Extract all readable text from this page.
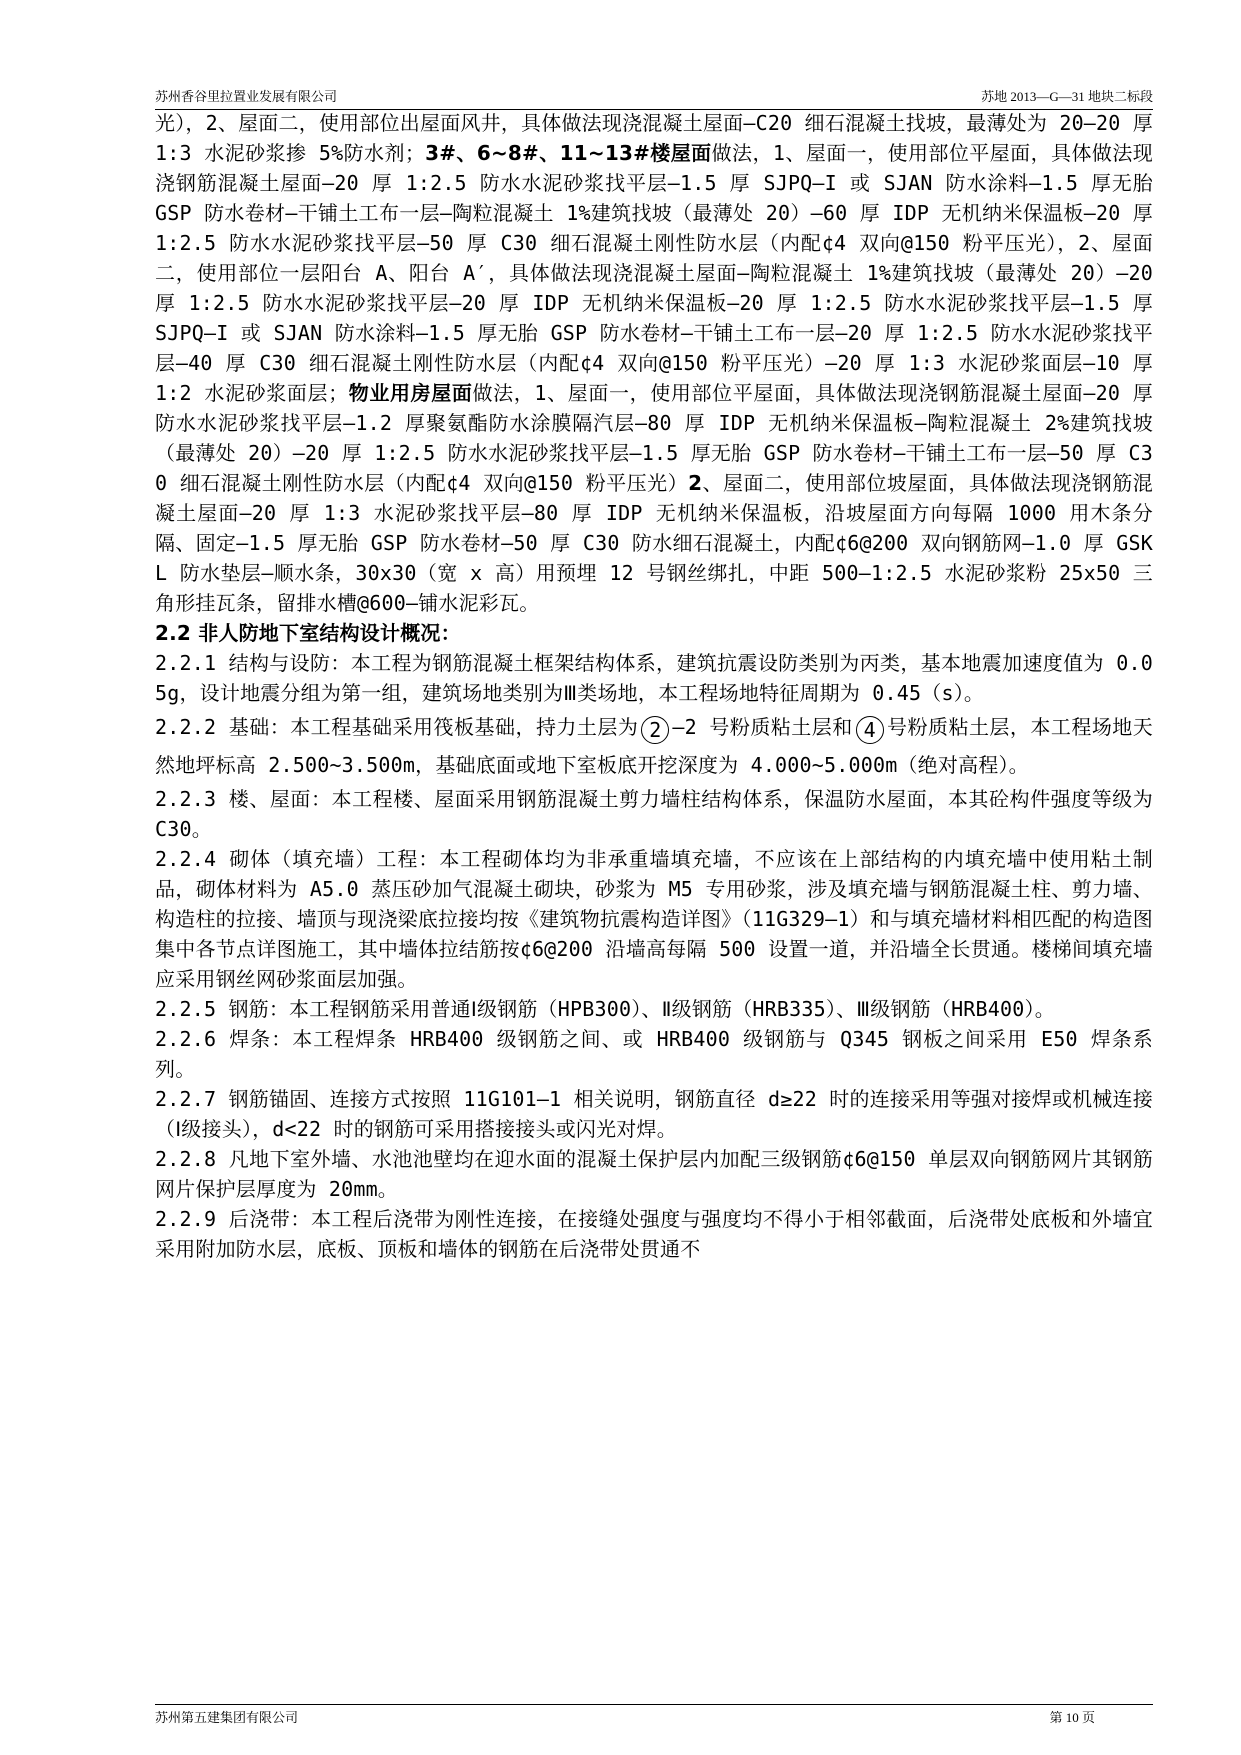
苏州香谷里拉置业发展有限公司	苏地 2013—G—31 地块二标段

光），2、屋面二，使用部位出屋面风井，具体做法现浇混凝土屋面—C20 细石混凝土找坡，最薄处为 20—20 厚 1:3 水泥砂浆掺 5%防水剂；3#、6~8#、11~13#楼屋面做法，1、屋面一，使用部位平屋面，具体做法现浇钢筋混凝土屋面—20 厚 1:2.5 防水水泥砂浆找平层—1.5 厚 SJPQ—I 或 SJAN 防水涂料—1.5 厚无胎 GSP 防水卷材—干铺土工布一层—陶粒混凝土 1%建筑找坡（最薄处 20）—60 厚 IDP 无机纳米保温板—20 厚 1:2.5 防水水泥砂浆找平层—50 厚 C30 细石混凝土刚性防水层（内配¢4 双向@150 粉平压光），2、屋面二，使用部位一层阳台 A、阳台 A′，具体做法现浇混凝土屋面—陶粒混凝土 1%建筑找坡（最薄处 20）—20 厚 1:2.5 防水水泥砂浆找平层—20 厚 IDP 无机纳米保温板—20 厚 1:2.5 防水水泥砂浆找平层—1.5 厚 SJPQ—I 或 SJAN 防水涂料—1.5 厚无胎 GSP 防水卷材—干铺土工布一层—20 厚 1:2.5 防水水泥砂浆找平层—40 厚 C30 细石混凝土刚性防水层（内配¢4 双向@150 粉平压光）—20 厚 1:3 水泥砂浆面层—10 厚 1:2 水泥砂浆面层；物业用房屋面做法，1、屋面一，使用部位平屋面，具体做法现浇钢筋混凝土屋面—20 厚防水水泥砂浆找平层—1.2 厚聚氨酯防水涂膜隔汽层—80 厚 IDP 无机纳米保温板—陶粒混凝土 2%建筑找坡（最薄处 20）—20 厚 1:2.5 防水水泥砂浆找平层—1.5 厚无胎 GSP 防水卷材—干铺土工布一层—50 厚 C30 细石混凝土刚性防水层（内配¢4 双向@150 粉平压光）2、屋面二，使用部位坡屋面，具体做法现浇钢筋混凝土屋面—20 厚 1:3 水泥砂浆找平层—80 厚 IDP 无机纳米保温板，沿坡屋面方向每隔 1000 用木条分隔、固定—1.5 厚无胎 GSP 防水卷材—50 厚 C30 防水细石混凝土，内配¢6@200 双向钢筋网—1.0 厚 GSKL 防水垫层—顺水条，30x30（宽 x 高）用预埋 12 号钢丝绑扎，中距 500—1:2.5 水泥砂浆粉 25x50 三角形挂瓦条，留排水槽@600—铺水泥彩瓦。

2.2 非人防地下室结构设计概况：

2.2.1 结构与设防：本工程为钢筋混凝土框架结构体系，建筑抗震设防类别为丙类，基本地震加速度值为 0.05g，设计地震分组为第一组，建筑场地类别为Ⅲ类场地，本工程场地特征周期为 0.45（s）。

2.2.2 基础：本工程基础采用筏板基础，持力土层为 2 —2 号粉质粘土层和 4 号粉质粘土层，本工程场地天然地坪标高 2.500~3.500m，基础底面或地下室板底开挖深度为 4.000~5.000m（绝对高程）。

2.2.3 楼、屋面：本工程楼、屋面采用钢筋混凝土剪力墙柱结构体系，保温防水屋面，本其砼构件强度等级为 C30。

2.2.4 砌体（填充墙）工程：本工程砌体均为非承重墙填充墙，不应该在上部结构的内填充墙中使用粘土制品，砌体材料为 A5.0 蒸压砂加气混凝土砌块，砂浆为 M5 专用砂浆，涉及填充墙与钢筋混凝土柱、剪力墙、构造柱的拉接、墙顶与现浇梁底拉接均按《建筑物抗震构造详图》（11G329—1）和与填充墙材料相匹配的构造图集中各节点详图施工，其中墙体拉结筋按¢6@200 沿墙高每隔 500 设置一道，并沿墙全长贯通。楼梯间填充墙应采用钢丝网砂浆面层加强。

2.2.5 钢筋：本工程钢筋采用普通Ⅰ级钢筋（HPB300）、Ⅱ级钢筋（HRB335）、Ⅲ级钢筋（HRB400）。

2.2.6 焊条：本工程焊条 HRB400 级钢筋之间、或 HRB400 级钢筋与 Q345 钢板之间采用 E50 焊条系列。

2.2.7 钢筋锚固、连接方式按照 11G101—1 相关说明，钢筋直径 d≥22 时的连接采用等强对接焊或机械连接（Ⅰ级接头），d<22 时的钢筋可采用搭接接头或闪光对焊。

2.2.8 凡地下室外墙、水池池壁均在迎水面的混凝土保护层内加配三级钢筋¢6@150 单层双向钢筋网片其钢筋网片保护层厚度为 20mm。

2.2.9 后浇带：本工程后浇带为刚性连接，在接缝处强度与强度均不得小于相邻截面，后浇带处底板和外墙宜采用附加防水层，底板、顶板和墙体的钢筋在后浇带处贯通不

苏州第五建集团有限公司	第 10 页
